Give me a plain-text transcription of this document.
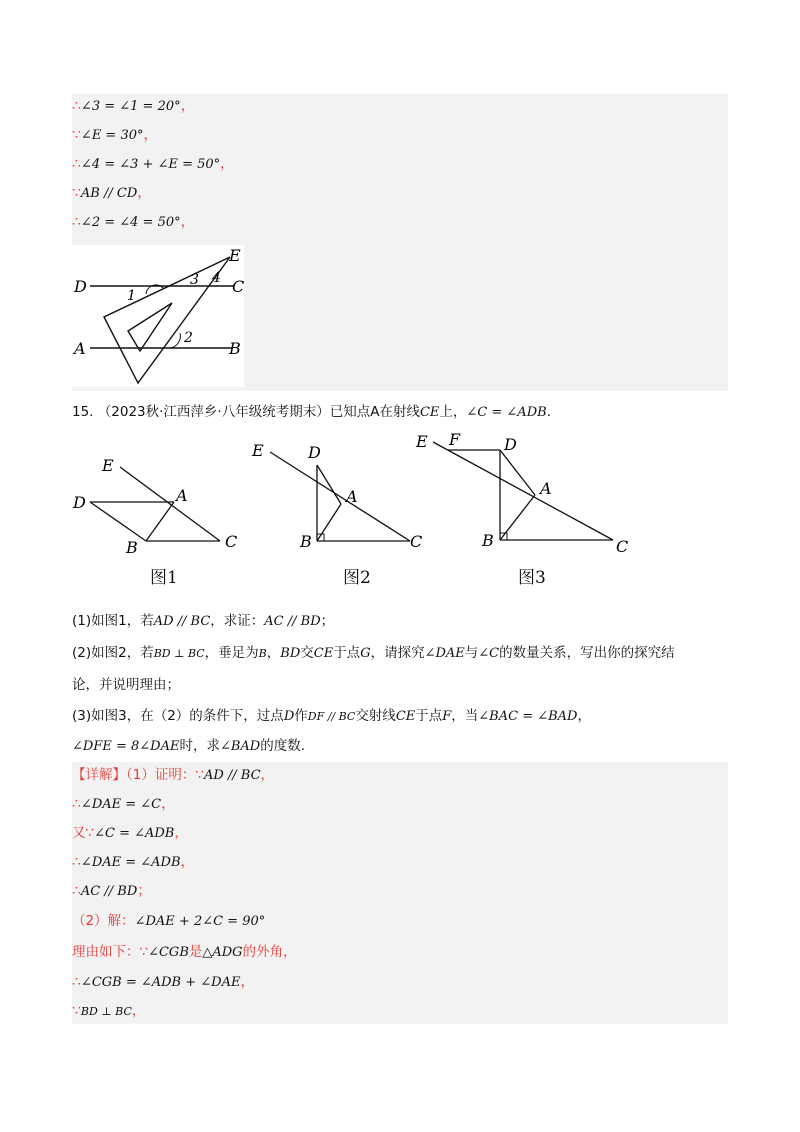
∴∠3 = ∠1 = 20°，
∵∠E = 30°，
∴∠4 = ∠3 + ∠E = 50°，
∵AB // CD，
∴∠2 = ∠4 = 50°，
D	C
A	B
E
1
2
3 4
15. （2023秋·江西萍乡·八年级统考期末）已知点A在射线CE上，∠C = ∠ADB.
E
D	A
B	C
图1
E	D
A
B	C
图2
E F	D
A
B	C
图3
(1)如图1，若AD // BC，求证：AC // BD；
(2)如图2，若BD ⊥ BC，垂足为B，BD交CE于点G，请探究∠DAE与∠C的数量关系，写出你的探究结
论，并说明理由；
(3)如图3，在（2）的条件下，过点D作DF // BC交射线CE于点F，当∠BAC = ∠BAD，
∠DFE = 8∠DAE时，求∠BAD的度数.
【详解】（1）证明：∵AD // BC，
∴∠DAE = ∠C，
又∵∠C = ∠ADB，
∴∠DAE = ∠ADB，
∴AC // BD；
（2）解：∠DAE + 2∠C = 90°
理由如下：∵∠CGB是△ADG的外角，
∴∠CGB = ∠ADB + ∠DAE，
∵BD ⊥ BC，
